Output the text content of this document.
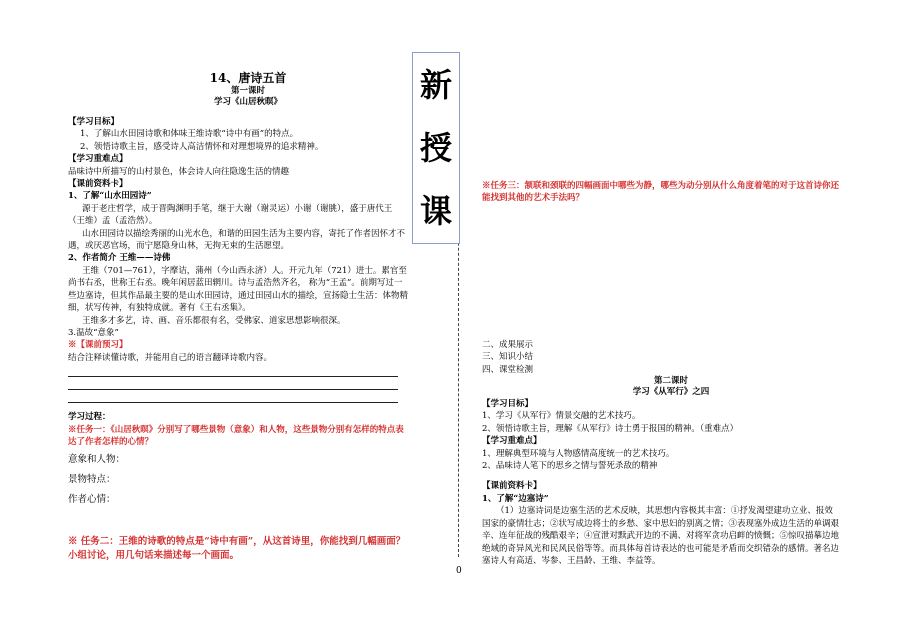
新
授
课

14、唐诗五首

第一课时

学习《山居秋暝》

【学习目标】

1、了解山水田园诗歌和体味王维诗歌“诗中有画”的特点。

2、领悟诗歌主旨，感受诗人高洁情怀和对理想境界的追求精神。

【学习重难点】

品味诗中所描写的山村景色，体会诗人向往隐逸生活的情趣

【课前资料卡】

1、了解“山水田园诗”

源于老庄哲学，成于晋陶渊明手笔，继于大谢（谢灵运）小谢（谢朓），盛于唐代王（王维）孟（孟浩然）。

山水田园诗以描绘秀丽的山光水色，和谐的田园生活为主要内容，寄托了作者因怀才不遇，或厌恶官场，而宁愿隐身山林，无拘无束的生活愿望。

2、作者简介 王维——诗佛

王维（701—761），字摩诘，蒲州（今山西永济）人。开元九年（721）进士。累官至尚书右丞，世称王右丞。晚年闲居蓝田辋川。诗与孟浩然齐名， 称为“王孟”。前期写过一些边塞诗，但其作品最主要的是山水田园诗，通过田园山水的描绘，宣扬隐士生活：体物精细，状写传神，有独特成就。著有《王右丞集》。

王维多才多艺，诗、画、音乐都很有名，受佛家、道家思想影响很深。

3.温故“意象”

※【课前预习】

结合注释读懂诗歌，并能用自己的语言翻译诗歌内容。

学习过程：

※任务一：《山居秋暝》分别写了哪些景物（意象）和人物，这些景物分别有怎样的特点表达了作者怎样的心情？

意象和人物：

景物特点：

作者心情：

※ 任务二：王维的诗歌的特点是“诗中有画”，从这首诗里，你能找到几幅画面？小组讨论，用几句话来描述每一个画面。

※任务三：颔联和颈联的四幅画面中哪些为静，哪些为动分别从什么角度着笔的对于这首诗你还能找到其他的艺术手法吗？

二、成果展示

三、知识小结

四、课堂检测

第二课时

学习《从军行》之四

【学习目标】

1、学习《从军行》情景交融的艺术技巧。

2、领悟诗歌主旨，理解《从军行》诗士勇于报国的精神。（重难点）

【学习重难点】

1、理解典型环境与人物感情高度统一的艺术技巧。

2、品味诗人笔下的思乡之情与誓死杀敌的精神

【课前资料卡】

1、了解“边塞诗”

（1）边塞诗词是边塞生活的艺术反映，其思想内容极其丰富：①抒发渴望建功立业、报效国家的豪情壮志；②状写成边将士的乡愁、家中思妇的别离之情；③表现塞外成边生活的单调艰辛、连年征战的残酷艰辛；④宣泄对黩武开边的不满、对将军贪功启衅的愤慨；⑤惊叹描摹边地绝域的奇异风光和民风民俗等等。而具体每首诗表达的也可能是矛盾而交织错杂的感情。著名边塞诗人有高适、岑参、王昌龄、王维、李益等。

0
